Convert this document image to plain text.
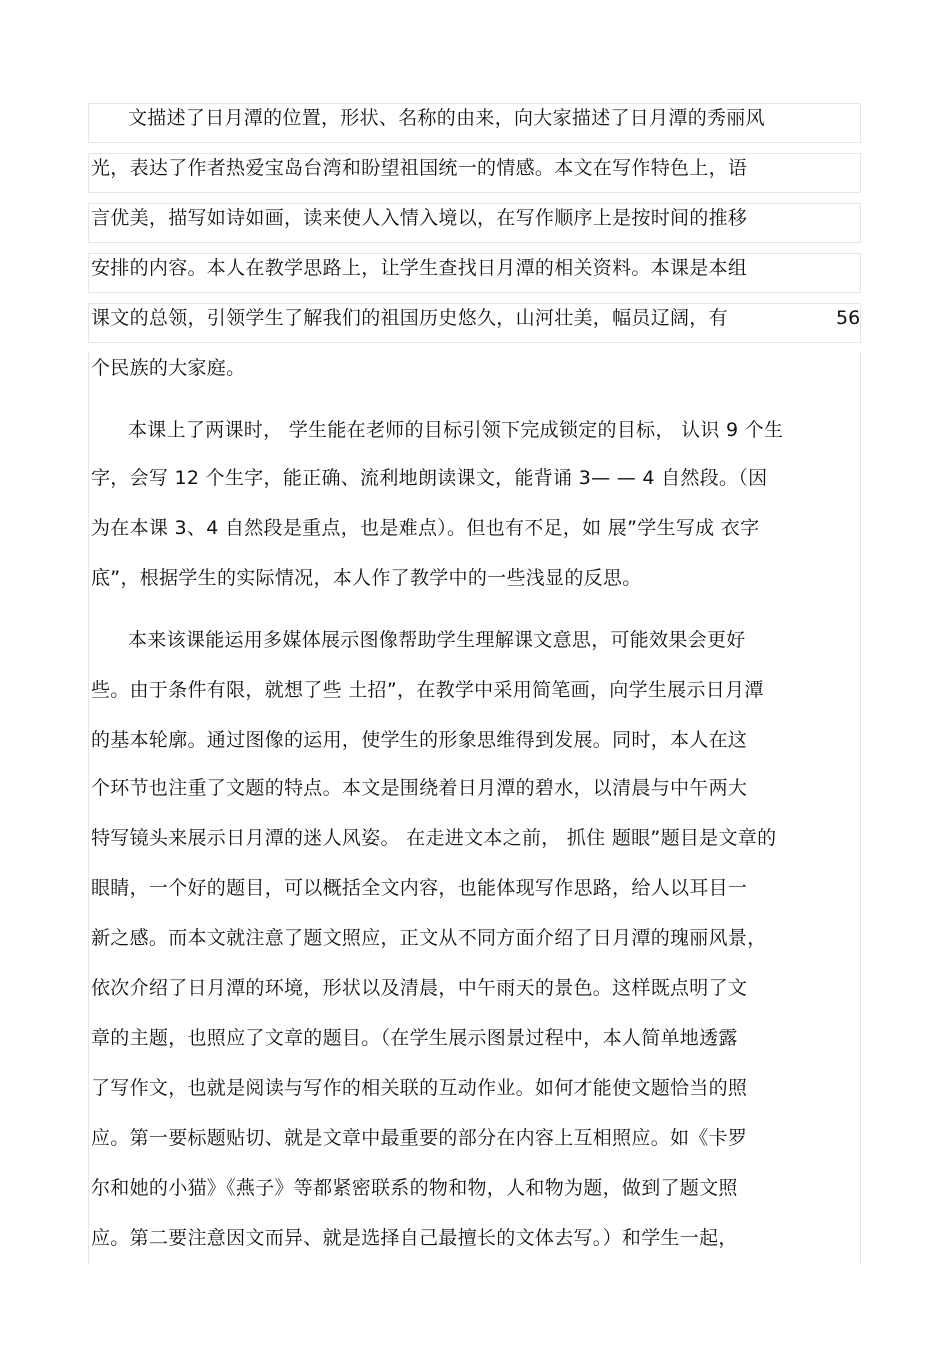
文描述了日月潭的位置，形状、名称的由来，向大家描述了日月潭的秀丽风
光，表达了作者热爱宝岛台湾和盼望祖国统一的情感。本文在写作特色上，语
言优美，描写如诗如画，读来使人入情入境以，在写作顺序上是按时间的推移
安排的内容。本人在教学思路上，让学生查找日月潭的相关资料。本课是本组
课文的总领，引领学生了解我们的祖国历史悠久，山河壮美，幅员辽阔，有	56
个民族的大家庭。
本课上了两课时， 学生能在老师的目标引领下完成锁定的目标， 认识 9 个生
字，会写 12 个生字，能正确、流利地朗读课文，能背诵 3— — 4 自然段。（因
为在本课 3、4 自然段是重点，也是难点）。但也有不足，如 展”学生写成 衣字
底”，根据学生的实际情况，本人作了教学中的一些浅显的反思。
本来该课能运用多媒体展示图像帮助学生理解课文意思，可能效果会更好
些。由于条件有限，就想了些 土招”，在教学中采用简笔画，向学生展示日月潭
的基本轮廓。通过图像的运用，使学生的形象思维得到发展。同时，本人在这
个环节也注重了文题的特点。本文是围绕着日月潭的碧水，以清晨与中午两大
特写镜头来展示日月潭的迷人风姿。 在走进文本之前， 抓住 题眼”题目是文章的
眼睛，一个好的题目，可以概括全文内容，也能体现写作思路，给人以耳目一
新之感。而本文就注意了题文照应，正文从不同方面介绍了日月潭的瑰丽风景，
依次介绍了日月潭的环境，形状以及清晨，中午雨天的景色。这样既点明了文
章的主题，也照应了文章的题目。（在学生展示图景过程中，本人简单地透露
了写作文，也就是阅读与写作的相关联的互动作业。如何才能使文题恰当的照
应。第一要标题贴切、就是文章中最重要的部分在内容上互相照应。如《卡罗
尔和她的小猫》《燕子》等都紧密联系的物和物，人和物为题，做到了题文照
应。第二要注意因文而异、就是选择自己最擅长的文体去写。）和学生一起，
